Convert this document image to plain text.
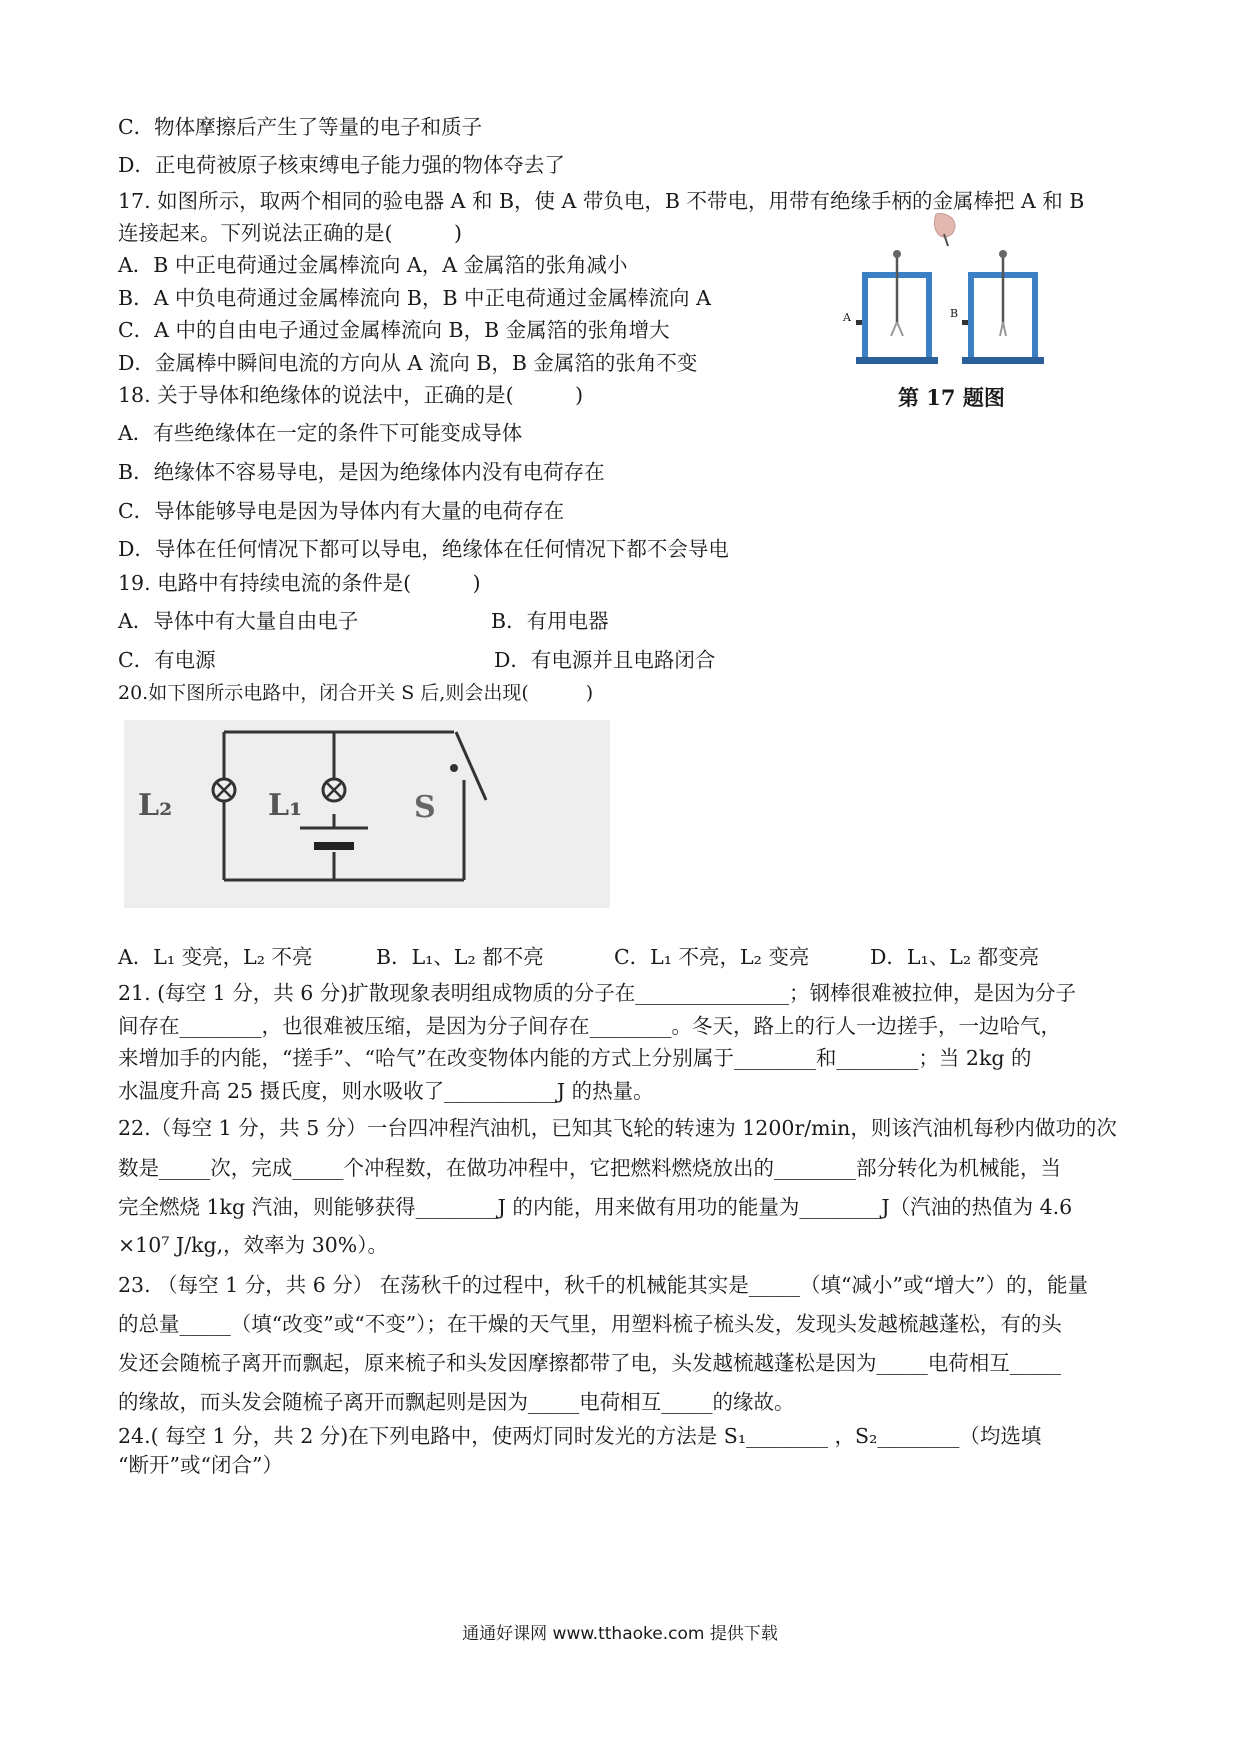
C．物体摩擦后产生了等量的电子和质子
D．正电荷被原子核束缚电子能力强的物体夺去了
17. 如图所示，取两个相同的验电器 A 和 B，使 A 带负电，B 不带电，用带有绝缘手柄的金属棒把 A 和 B
连接起来。下列说法正确的是(　　　)
A．B 中正电荷通过金属棒流向 A，A 金属箔的张角减小
B．A 中负电荷通过金属棒流向 B，B 中正电荷通过金属棒流向 A
C．A 中的自由电子通过金属棒流向 B，B 金属箔的张角增大
D．金属棒中瞬间电流的方向从 A 流向 B，B 金属箔的张角不变
A	B
第 17 题图
18. 关于导体和绝缘体的说法中，正确的是(　　　)
A．有些绝缘体在一定的条件下可能变成导体
B．绝缘体不容易导电，是因为绝缘体内没有电荷存在
C．导体能够导电是因为导体内有大量的电荷存在
D．导体在任何情况下都可以导电，绝缘体在任何情况下都不会导电
19. 电路中有持续电流的条件是(　　　)
A．导体中有大量自由电子	B．有用电器
C．有电源	D．有电源并且电路闭合
20.如下图所示电路中，闭合开关 S 后,则会出现(　　　)
L₂	L₁	S
A．L₁ 变亮，L₂ 不亮	B．L₁、L₂ 都不亮	C．L₁ 不亮，L₂ 变亮	D．L₁、L₂ 都变亮
21. (每空 1 分，共 6 分)扩散现象表明组成物质的分子在_______________；钢棒很难被拉伸，是因为分子
间存在________，也很难被压缩，是因为分子间存在________。冬天，路上的行人一边搓手，一边哈气，
来增加手的内能，“搓手”、“哈气”在改变物体内能的方式上分别属于________和________；当 2kg 的
水温度升高 25 摄氏度，则水吸收了___________J 的热量。
22.（每空 1 分，共 5 分）一台四冲程汽油机，已知其飞轮的转速为 1200r/min，则该汽油机每秒内做功的次
数是_____次，完成_____个冲程数，在做功冲程中，它把燃料燃烧放出的________部分转化为机械能，当
完全燃烧 1kg 汽油，则能够获得________J 的内能，用来做有用功的能量为________J（汽油的热值为 4.6
×10⁷ J/kg,，效率为 30%）。
23. （每空 1 分，共 6 分） 在荡秋千的过程中，秋千的机械能其实是_____（填“减小”或“增大”）的，能量
的总量_____（填“改变”或“不变”）；在干燥的天气里，用塑料梳子梳头发，发现头发越梳越蓬松，有的头
发还会随梳子离开而飘起，原来梳子和头发因摩擦都带了电，头发越梳越蓬松是因为_____电荷相互_____
的缘故，而头发会随梳子离开而飘起则是因为_____电荷相互_____的缘故。
24.( 每空 1 分，共 2 分)在下列电路中，使两灯同时发光的方法是 S₁________ ，S₂________（均选填
“断开”或“闭合”）
通通好课网 www.tthaoke.com 提供下载
